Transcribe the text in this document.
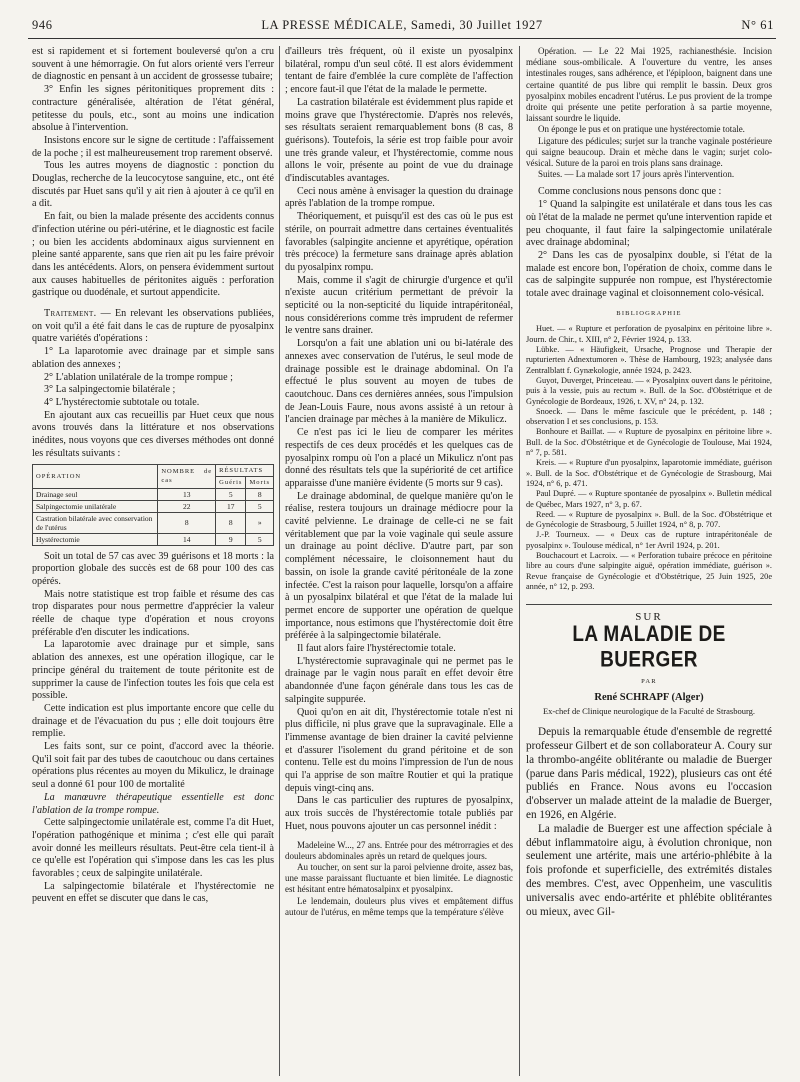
946	LA PRESSE MÉDICALE, Samedi, 30 Juillet 1927	N° 61

est si rapidement et si fortement bouleversé qu'on a cru souvent à une hémorragie. On fut alors orienté vers l'erreur de diagnostic en pensant à un accident de grossesse tubaire;

3° Enfin les signes péritonitiques proprement dits : contracture généralisée, altération de l'état général, petitesse du pouls, etc., sont au moins une indication absolue à l'intervention.

Insistons encore sur le signe de certitude : l'affaissement de la poche ; il est malheureusement trop rarement observé.

Tous les autres moyens de diagnostic : ponction du Douglas, recherche de la leucocytose sanguine, etc., ont été discutés par Huet sans qu'il y ait rien à ajouter à ce qu'il en a dit.

En fait, ou bien la malade présente des accidents connus d'infection utérine ou péri-utérine, et le diagnostic est facile ; ou bien les accidents abdominaux aigus surviennent en pleine santé apparente, sans que rien ait pu les faire prévoir dans les antécédents. Alors, on pensera évidemment surtout aux causes habituelles de péritonites aiguës : perforation gastrique ou duodénale, et surtout appendicite.

Traitement. — En relevant les observations publiées, on voit qu'il a été fait dans le cas de rupture de pyosalpinx quatre variétés d'opérations :

1° La laparotomie avec drainage par et simple sans ablation des annexes ;

2° L'ablation unilatérale de la trompe rompue ;

3° La salpingectomie bilatérale ;

4° L'hystérectomie subtotale ou totale.

En ajoutant aux cas recueillis par Huet ceux que nous avons trouvés dans la littérature et nos observations inédites, nous voyons que ces diverses méthodes ont donné les résultats suivants :

OPÉRATION	NOMBRE de cas	RÉSULTATS	
		Guéris	Morts
Drainage seul	13	5	8
Salpingectomie unilatérale	22	17	5
Castration bilatérale avec conservation de l'utérus	8	8	»
Hystérectomie	14	9	5

Soit un total de 57 cas avec 39 guérisons et 18 morts : la proportion globale des succès est de 68 pour 100 des cas opérés.

Mais notre statistique est trop faible et résume des cas trop disparates pour nous permettre d'apprécier la valeur réelle de chaque type d'opération et nous croyons préférable d'en discuter les indications.

La laparotomie avec drainage pur et simple, sans ablation des annexes, est une opération illogique, car le principe général du traitement de toute péritonite est de supprimer la cause de l'infection toutes les fois que cela est possible.

Cette indication est plus importante encore que celle du drainage et de l'évacuation du pus ; elle doit toujours être remplie.

Les faits sont, sur ce point, d'accord avec la théorie. Qu'il soit fait par des tubes de caoutchouc ou dans certaines opérations plus récentes au moyen du Mikulicz, le drainage seul a donné 61 pour 100 de mortalité

La manœuvre thérapeutique essentielle est donc l'ablation de la trompe rompue.

Cette salpingectomie unilatérale est, comme l'a dit Huet, l'opération pathogénique et minima ; c'est elle qui paraît avoir donné les meilleurs résultats. Peut-être cela tient-il à ce qu'elle est l'opération qui s'impose dans les cas les plus favorables ; ceux de salpingite unilatérale.

La salpingectomie bilatérale et l'hystérectomie ne peuvent en effet se discuter que dans le cas,

d'ailleurs très fréquent, où il existe un pyosalpinx bilatéral, rompu d'un seul côté. Il est alors évidemment tentant de faire d'emblée la cure complète de l'affection ; encore faut-il que l'état de la malade le permette.

La castration bilatérale est évidemment plus rapide et moins grave que l'hystérectomie. D'après nos relevés, ses résultats seraient remarquablement bons (8 cas, 8 guérisons). Toutefois, la série est trop faible pour avoir une très grande valeur, et l'hystérectomie, comme nous allons le voir, présente au point de vue du drainage d'indiscutables avantages.

Ceci nous amène à envisager la question du drainage après l'ablation de la trompe rompue.

Théoriquement, et puisqu'il est des cas où le pus est stérile, on pourrait admettre dans certaines éventualités favorables (salpingite ancienne et apyrétique, opération très précoce) la fermeture sans drainage après ablation du pyosalpinx rompu.

Mais, comme il s'agit de chirurgie d'urgence et qu'il n'existe aucun critérium permettant de prévoir la septicité ou la non-septicité du liquide intrapéritonéal, nous considérerions comme très imprudent de refermer le ventre sans drainer.

Lorsqu'on a fait une ablation uni ou bi-latérale des annexes avec conservation de l'utérus, le seul mode de drainage possible est le drainage abdominal. On l'a effectué le plus souvent au moyen de tubes de caoutchouc. Dans ces dernières années, sous l'impulsion de Jean-Louis Faure, nous avons assisté à un retour à l'ancien drainage par mèches à la manière de Mikulicz.

Ce n'est pas ici le lieu de comparer les mérites respectifs de ces deux procédés et les quelques cas de pyosalpinx rompu où l'on a placé un Mikulicz n'ont pas donné des résultats tels que la supériorité de cet artifice apparaisse d'une manière évidente (5 morts sur 9 cas).

Le drainage abdominal, de quelque manière qu'on le réalise, restera toujours un drainage médiocre pour la cavité pelvienne. Le drainage de celle-ci ne se fait véritablement que par la voie vaginale qui seule assure un drainage au point déclive. D'autre part, par son complément nécessaire, le cloisonnement haut du bassin, on isole la grande cavité péritonéale de la zone infectée. C'est la raison pour laquelle, lorsqu'on a affaire à un pyosalpinx bilatéral et que l'état de la malade lui permet encore de supporter une opération de quelque importance, nous estimons que l'hystérectomie doit être préférée à la salpingectomie bilatérale.

Il faut alors faire l'hystérectomie totale.

L'hystérectomie supravaginale qui ne permet pas le drainage par le vagin nous paraît en effet devoir être abandonnée d'une façon générale dans tous les cas de salpingite suppurée.

Quoi qu'on en ait dit, l'hystérectomie totale n'est ni plus difficile, ni plus grave que la supravaginale. Elle a l'immense avantage de bien drainer la cavité pelvienne et d'assurer l'isolement du grand péritoine et de son contenu. Telle est du moins l'impression de l'un de nous qui l'a apprise de son maître Routier et qui la pratique depuis vingt-cinq ans.

Dans le cas particulier des ruptures de pyosalpinx, aux trois succès de l'hystérectomie totale publiés par Huet, nous pouvons ajouter un cas personnel inédit :

Madeleine W..., 27 ans. Entrée pour des métrorragies et des douleurs abdominales après un retard de quelques jours.

Au toucher, on sent sur la paroi pelvienne droite, assez bas, une masse paraissant fluctuante et bien limitée. Le diagnostic est hésitant entre hématosalpinx et pyosalpinx.

Le lendemain, douleurs plus vives et empâtement diffus autour de l'utérus, en même temps que la température s'élève

Opération. — Le 22 Mai 1925, rachianesthésie. Incision médiane sous-ombilicale. A l'ouverture du ventre, les anses intestinales rouges, sans adhérence, et l'épiploon, baignent dans une certaine quantité de pus libre qui remplit le bassin. Deux gros pyosalpinx mobiles encadrent l'utérus. Le pus provient de la trompe droite qui présente une petite perforation à sa partie moyenne, laissant sourdre le liquide.

On éponge le pus et on pratique une hystérectomie totale.

Ligature des pédicules; surjet sur la tranche vaginale postérieure qui saigne beaucoup. Drain et mèche dans le vagin; surjet colo-vésical. Suture de la paroi en trois plans sans drainage.

Suites. — La malade sort 17 jours après l'intervention.

Comme conclusions nous pensons donc que :

1° Quand la salpingite est unilatérale et dans tous les cas où l'état de la malade ne permet qu'une intervention rapide et peu choquante, il faut faire la salpingectomie unilatérale avec drainage abdominal;

2° Dans les cas de pyosalpinx double, si l'état de la malade est encore bon, l'opération de choix, comme dans le cas de salpingite suppurée non rompue, est l'hystérectomie totale avec drainage vaginal et cloisonnement colo-vésical.

BIBLIOGRAPHIE

Huet. — « Rupture et perforation de pyosalpinx en péritoine libre ». Journ. de Chir., t. XIII, n° 2, Février 1924, p. 133.

Lübke. — « Häufigkeit, Ursache, Prognose und Therapie der rupturierten Adnextumoren ». Thèse de Hambourg, 1923; analysée dans Zentralblatt f. Gynækologie, année 1924, p. 2423.

Guyot, Duverget, Princeteau. — « Pyosalpinx ouvert dans le péritoine, puis à la vessie, puis au rectum ». Bull. de la Soc. d'Obstétrique et de Gynécologie de Bordeaux, 1926, t. XV, n° 24, p. 132.

Snoeck. — Dans le même fascicule que le précédent, p. 148 ; observation I et ses conclusions, p. 153.

Bonhoure et Baillat. — « Rupture de pyosalpinx en péritoine libre ». Bull. de la Soc. d'Obstétrique et de Gynécologie de Toulouse, Mai 1924, n° 7, p. 581.

Kreis. — « Rupture d'un pyosalpinx, laparotomie immédiate, guérison ». Bull. de la Soc. d'Obstétrique et de Gynécologie de Strasbourg, Mai 1924, n° 6, p. 471.

Paul Dupré. — « Rupture spontanée de pyosalpinx ». Bulletin médical de Québec, Mars 1927, n° 3, p. 67.

Reed. — « Rupture de pyosalpinx ». Bull. de la Soc. d'Obstétrique et de Gynécologie de Strasbourg, 5 Juillet 1924, n° 8, p. 707.

J.-P. Tourneux. — « Deux cas de rupture intrapéritonéale de pyosalpinx ». Toulouse médical, n° 1er Avril 1924, p. 201.

Bouchacourt et Lacroix. — « Perforation tubaire précoce en péritoine libre au cours d'une salpingite aiguë, opération immédiate, guérison ». Revue française de Gynécologie et d'Obstétrique, 25 Juin 1925, 20e année, n° 12, p. 293.

SUR
LA MALADIE DE BUERGER
PAR
René SCHRAPF (Alger)
Ex-chef de Clinique neurologique de la Faculté de Strasbourg.

Depuis la remarquable étude d'ensemble de regretté professeur Gilbert et de son collaborateur A. Coury sur la thrombo-angéite oblitérante ou maladie de Buerger (parue dans Paris médical, 1922), plusieurs cas ont été publiés en France. Nous avons eu l'occasion d'observer un malade atteint de la maladie de Buerger, en 1926, en Algérie.

La maladie de Buerger est une affection spéciale à début inflammatoire aigu, à évolution chronique, non seulement une artérite, mais une artério-phlébite à la fois profonde et superficielle, des extrémités distales des membres. C'est, avec Oppenheim, une vasculitis universalis avec endo-artérite et phlébite oblitérantes ou mieux, avec Gil-
